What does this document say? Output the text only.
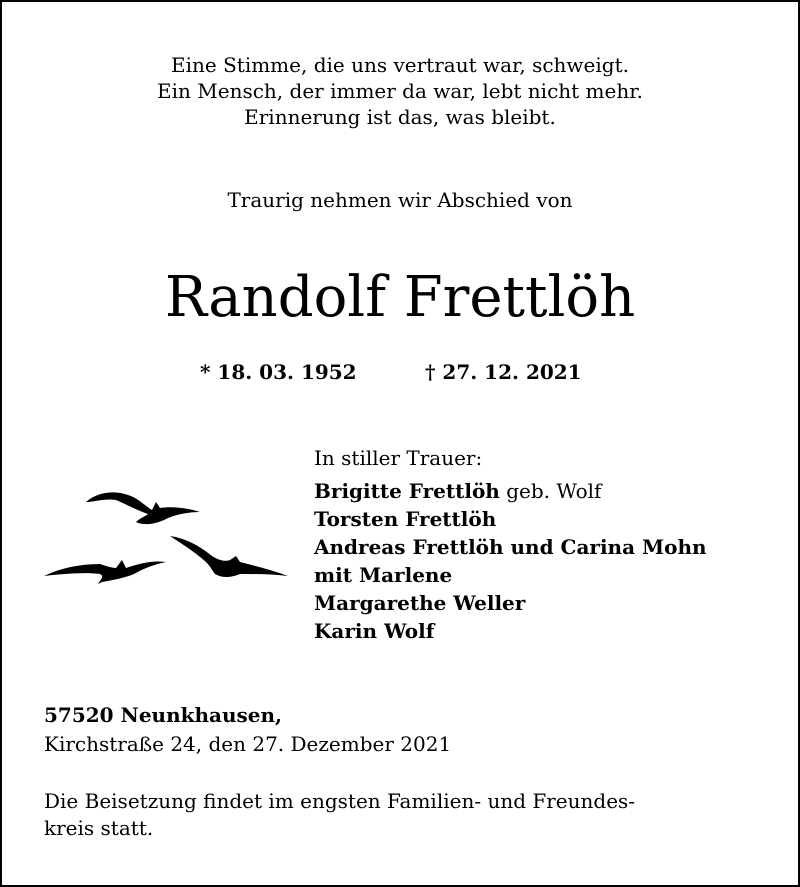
Eine Stimme, die uns vertraut war, schweigt.
Ein Mensch, der immer da war, lebt nicht mehr.
Erinnerung ist das, was bleibt.
Traurig nehmen wir Abschied von
Randolf Frettlöh
* 18. 03. 1952	† 27. 12. 2021
In stiller Trauer:
Brigitte Frettlöh geb. Wolf
Torsten Frettlöh
Andreas Frettlöh und Carina Mohn
mit Marlene
Margarethe Weller
Karin Wolf
57520 Neunkhausen,
Kirchstraße 24, den 27. Dezember 2021
Die Beisetzung findet im engsten Familien- und Freundes-
kreis statt.
